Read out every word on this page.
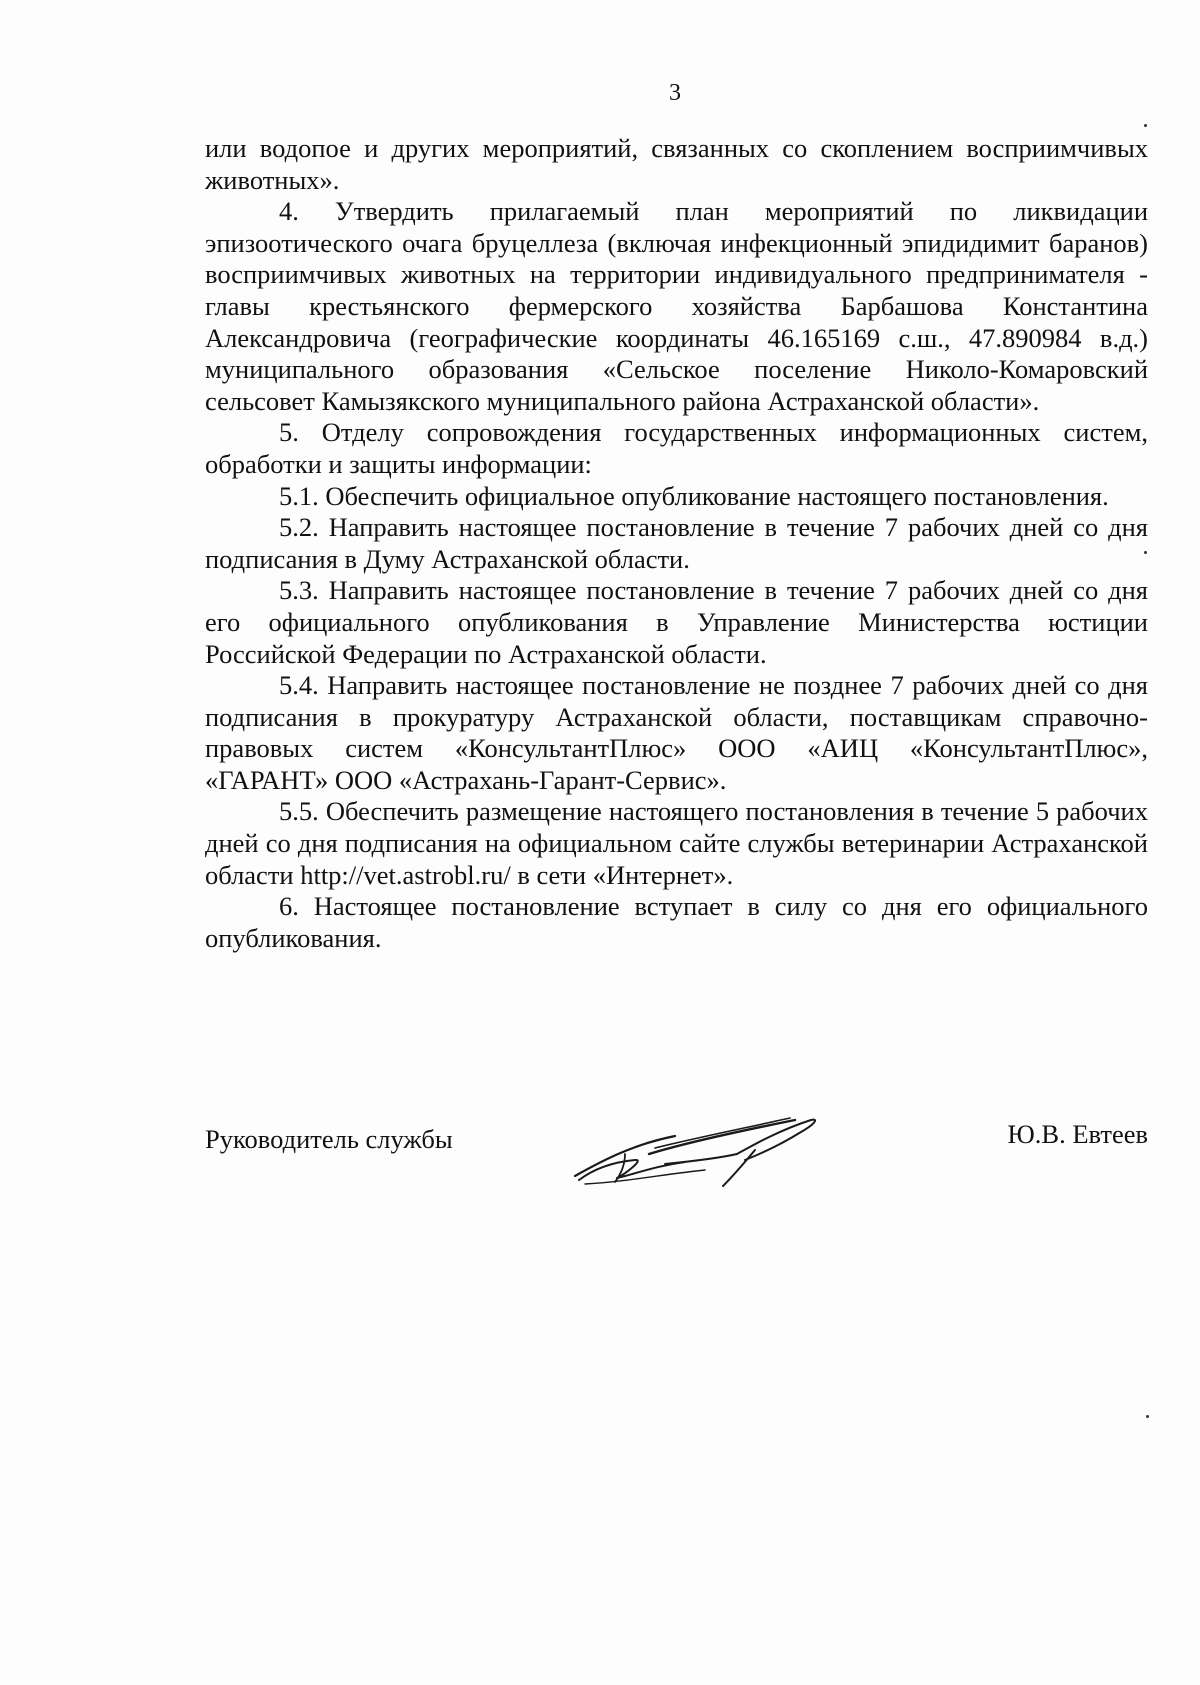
3

или водопое и других мероприятий, связанных со скоплением восприимчивых животных».

4. Утвердить прилагаемый план мероприятий по ликвидации эпизоотического очага бруцеллеза (включая инфекционный эпидидимит баранов) восприимчивых животных на территории индивидуального предпринимателя - главы крестьянского фермерского хозяйства Барбашова Константина Александровича (географические координаты 46.165169 с.ш., 47.890984 в.д.) муниципального образования «Сельское поселение Николо-Комаровский сельсовет Камызякского муниципального района Астраханской области».

5. Отделу сопровождения государственных информационных систем, обработки и защиты информации:

5.1. Обеспечить официальное опубликование настоящего постановления.

5.2. Направить настоящее постановление в течение 7 рабочих дней со дня подписания в Думу Астраханской области.

5.3. Направить настоящее постановление в течение 7 рабочих дней со дня его официального опубликования в Управление Министерства юстиции Российской Федерации по Астраханской области.

5.4. Направить настоящее постановление не позднее 7 рабочих дней со дня подписания в прокуратуру Астраханской области, поставщикам справочно-правовых систем «КонсультантПлюс» ООО «АИЦ «КонсультантПлюс», «ГАРАНТ» ООО «Астрахань-Гарант-Сервис».

5.5. Обеспечить размещение настоящего постановления в течение 5 рабочих дней со дня подписания на официальном сайте службы ветеринарии Астраханской области http://vet.astrobl.ru/ в сети «Интернет».

6. Настоящее постановление вступает в силу со дня его официального опубликования.

Руководитель службы	Ю.В. Евтеев
